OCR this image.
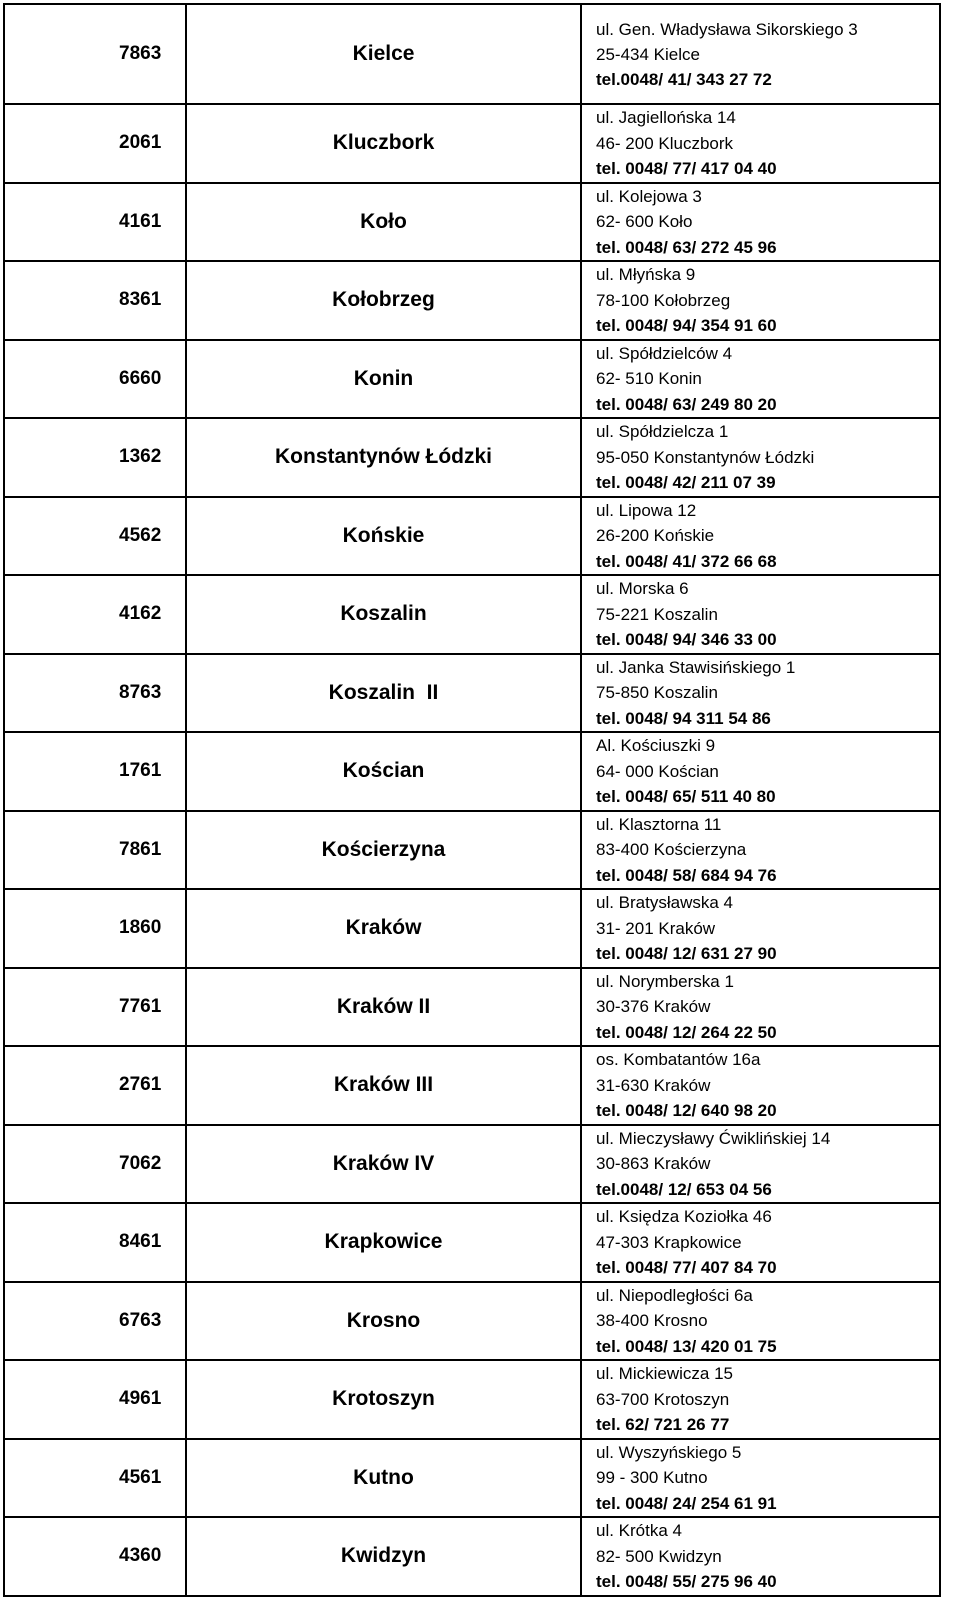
7863	Kielce	ul. Gen. Władysława Sikorskiego 3
25-434 Kielce
tel.0048/ 41/ 343 27 72

2061	Kluczbork	ul. Jagiellońska 14
46- 200 Kluczbork
tel. 0048/ 77/ 417 04 40

4161	Koło	ul. Kolejowa 3
62- 600 Koło
tel. 0048/ 63/ 272 45 96

8361	Kołobrzeg	ul. Młyńska 9
78-100 Kołobrzeg
tel. 0048/ 94/ 354 91 60

6660	Konin	ul. Spółdzielców 4
62- 510 Konin
tel. 0048/ 63/ 249 80 20

1362	Konstantynów Łódzki	ul. Spółdzielcza 1
95-050 Konstantynów Łódzki
tel. 0048/ 42/ 211 07 39

4562	Końskie	ul. Lipowa 12
26-200 Końskie
tel. 0048/ 41/ 372 66 68

4162	Koszalin	ul. Morska 6
75-221 Koszalin
tel. 0048/ 94/ 346 33 00

8763	Koszalin  II	ul. Janka Stawisińskiego 1
75-850 Koszalin
tel. 0048/ 94 311 54 86

1761	Kościan	Al. Kościuszki 9
64- 000 Kościan
tel. 0048/ 65/ 511 40 80

7861	Kościerzyna	ul. Klasztorna 11
83-400 Kościerzyna
tel. 0048/ 58/ 684 94 76

1860	Kraków	ul. Bratysławska 4
31- 201 Kraków
tel. 0048/ 12/ 631 27 90

7761	Kraków II	ul. Norymberska 1
30-376 Kraków
tel. 0048/ 12/ 264 22 50

2761	Kraków III	os. Kombatantów 16a
31-630 Kraków
tel. 0048/ 12/ 640 98 20

7062	Kraków IV	ul. Mieczysławy Ćwiklińskiej 14
30-863 Kraków
tel.0048/ 12/ 653 04 56

8461	Krapkowice	ul. Księdza Koziołka 46
47-303 Krapkowice
tel. 0048/ 77/ 407 84 70

6763	Krosno	ul. Niepodległości 6a
38-400 Krosno
tel. 0048/ 13/ 420 01 75

4961	Krotoszyn	ul. Mickiewicza 15
63-700 Krotoszyn
tel. 62/ 721 26 77

4561	Kutno	ul. Wyszyńskiego 5
99 - 300 Kutno
tel. 0048/ 24/ 254 61 91

4360	Kwidzyn	ul. Krótka 4
82- 500 Kwidzyn
tel. 0048/ 55/ 275 96 40
